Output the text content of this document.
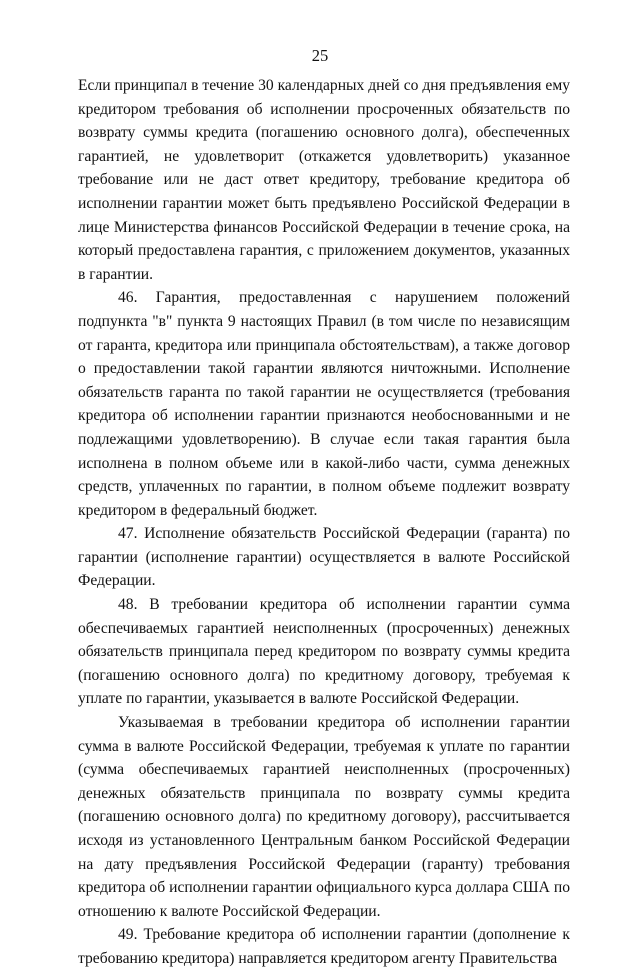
25

Если принципал в течение 30 календарных дней со дня предъявления ему кредитором требования об исполнении просроченных обязательств по возврату суммы кредита (погашению основного долга), обеспеченных гарантией, не удовлетворит (откажется удовлетворить) указанное требование или не даст ответ кредитору, требование кредитора об исполнении гарантии может быть предъявлено Российской Федерации в лице Министерства финансов Российской Федерации в течение срока, на который предоставлена гарантия, с приложением документов, указанных в гарантии.

46. Гарантия, предоставленная с нарушением положений подпункта "в" пункта 9 настоящих Правил (в том числе по независящим от гаранта, кредитора или принципала обстоятельствам), а также договор о предоставлении такой гарантии являются ничтожными. Исполнение обязательств гаранта по такой гарантии не осуществляется (требования кредитора об исполнении гарантии признаются необоснованными и не подлежащими удовлетворению). В случае если такая гарантия была исполнена в полном объеме или в какой-либо части, сумма денежных средств, уплаченных по гарантии, в полном объеме подлежит возврату кредитором в федеральный бюджет.

47. Исполнение обязательств Российской Федерации (гаранта) по гарантии (исполнение гарантии) осуществляется в валюте Российской Федерации.

48. В требовании кредитора об исполнении гарантии сумма обеспечиваемых гарантией неисполненных (просроченных) денежных обязательств принципала перед кредитором по возврату суммы кредита (погашению основного долга) по кредитному договору, требуемая к уплате по гарантии, указывается в валюте Российской Федерации.

Указываемая в требовании кредитора об исполнении гарантии сумма в валюте Российской Федерации, требуемая к уплате по гарантии (сумма обеспечиваемых гарантией неисполненных (просроченных) денежных обязательств принципала по возврату суммы кредита (погашению основного долга) по кредитному договору), рассчитывается исходя из установленного Центральным банком Российской Федерации на дату предъявления Российской Федерации (гаранту) требования кредитора об исполнении гарантии официального курса доллара США по отношению к валюте Российской Федерации.

49. Требование кредитора об исполнении гарантии (дополнение к требованию кредитора) направляется кредитором агенту Правительства
